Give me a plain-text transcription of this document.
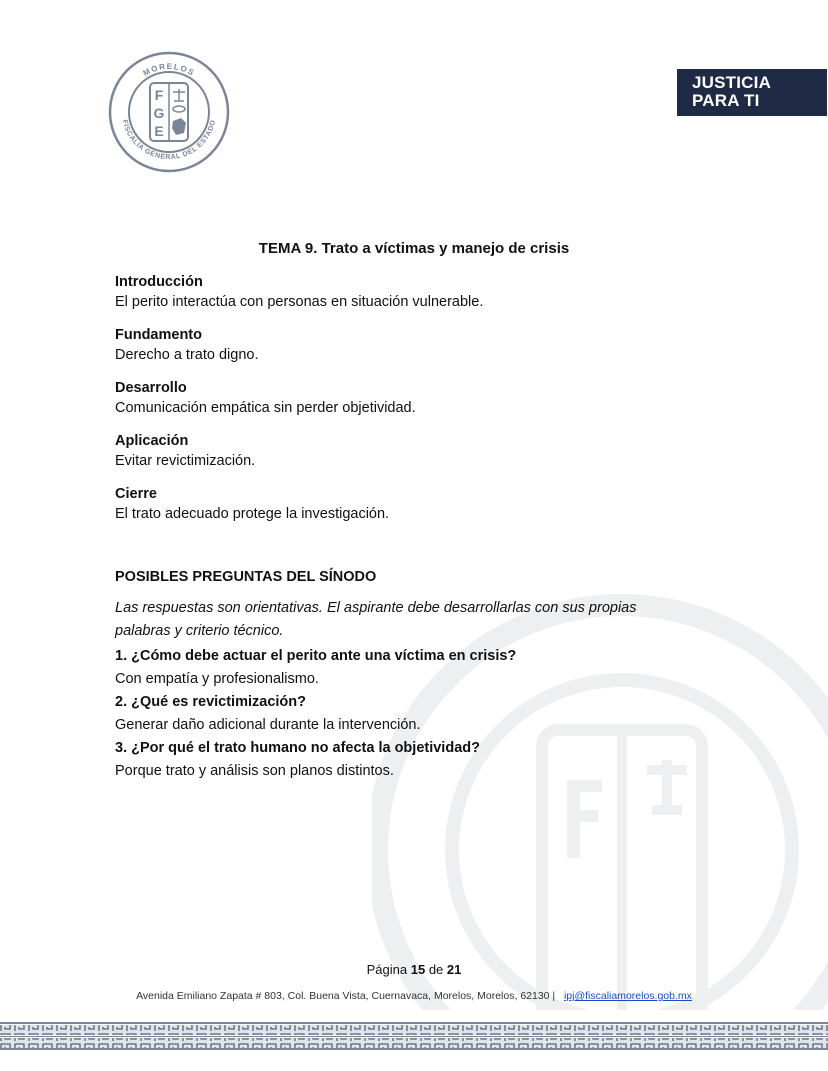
MORELOS
FISCALÍA GENERAL DEL ESTADO
F
G
E
JUSTICIA
PARA TI
TEMA 9. Trato a víctimas y manejo de crisis
Introducción

El perito interactúa con personas en situación vulnerable.

Fundamento

Derecho a trato digno.

Desarrollo

Comunicación empática sin perder objetividad.

Aplicación

Evitar revictimización.

Cierre

El trato adecuado protege la investigación.

POSIBLES PREGUNTAS DEL SÍNODO

Las respuestas son orientativas. El aspirante debe desarrollarlas con sus propias palabras y criterio técnico.

1. ¿Cómo debe actuar el perito ante una víctima en crisis?

Con empatía y profesionalismo.

2. ¿Qué es revictimización?

Generar daño adicional durante la intervención.

3. ¿Por qué el trato humano no afecta la objetividad?

Porque trato y análisis son planos distintos.

Página 15 de 21
Avenida Emiliano Zapata # 803, Col. Buena Vista, Cuernavaca, Morelos, Morelos, 62130 | ipj@fiscaliamorelos.gob.mx
